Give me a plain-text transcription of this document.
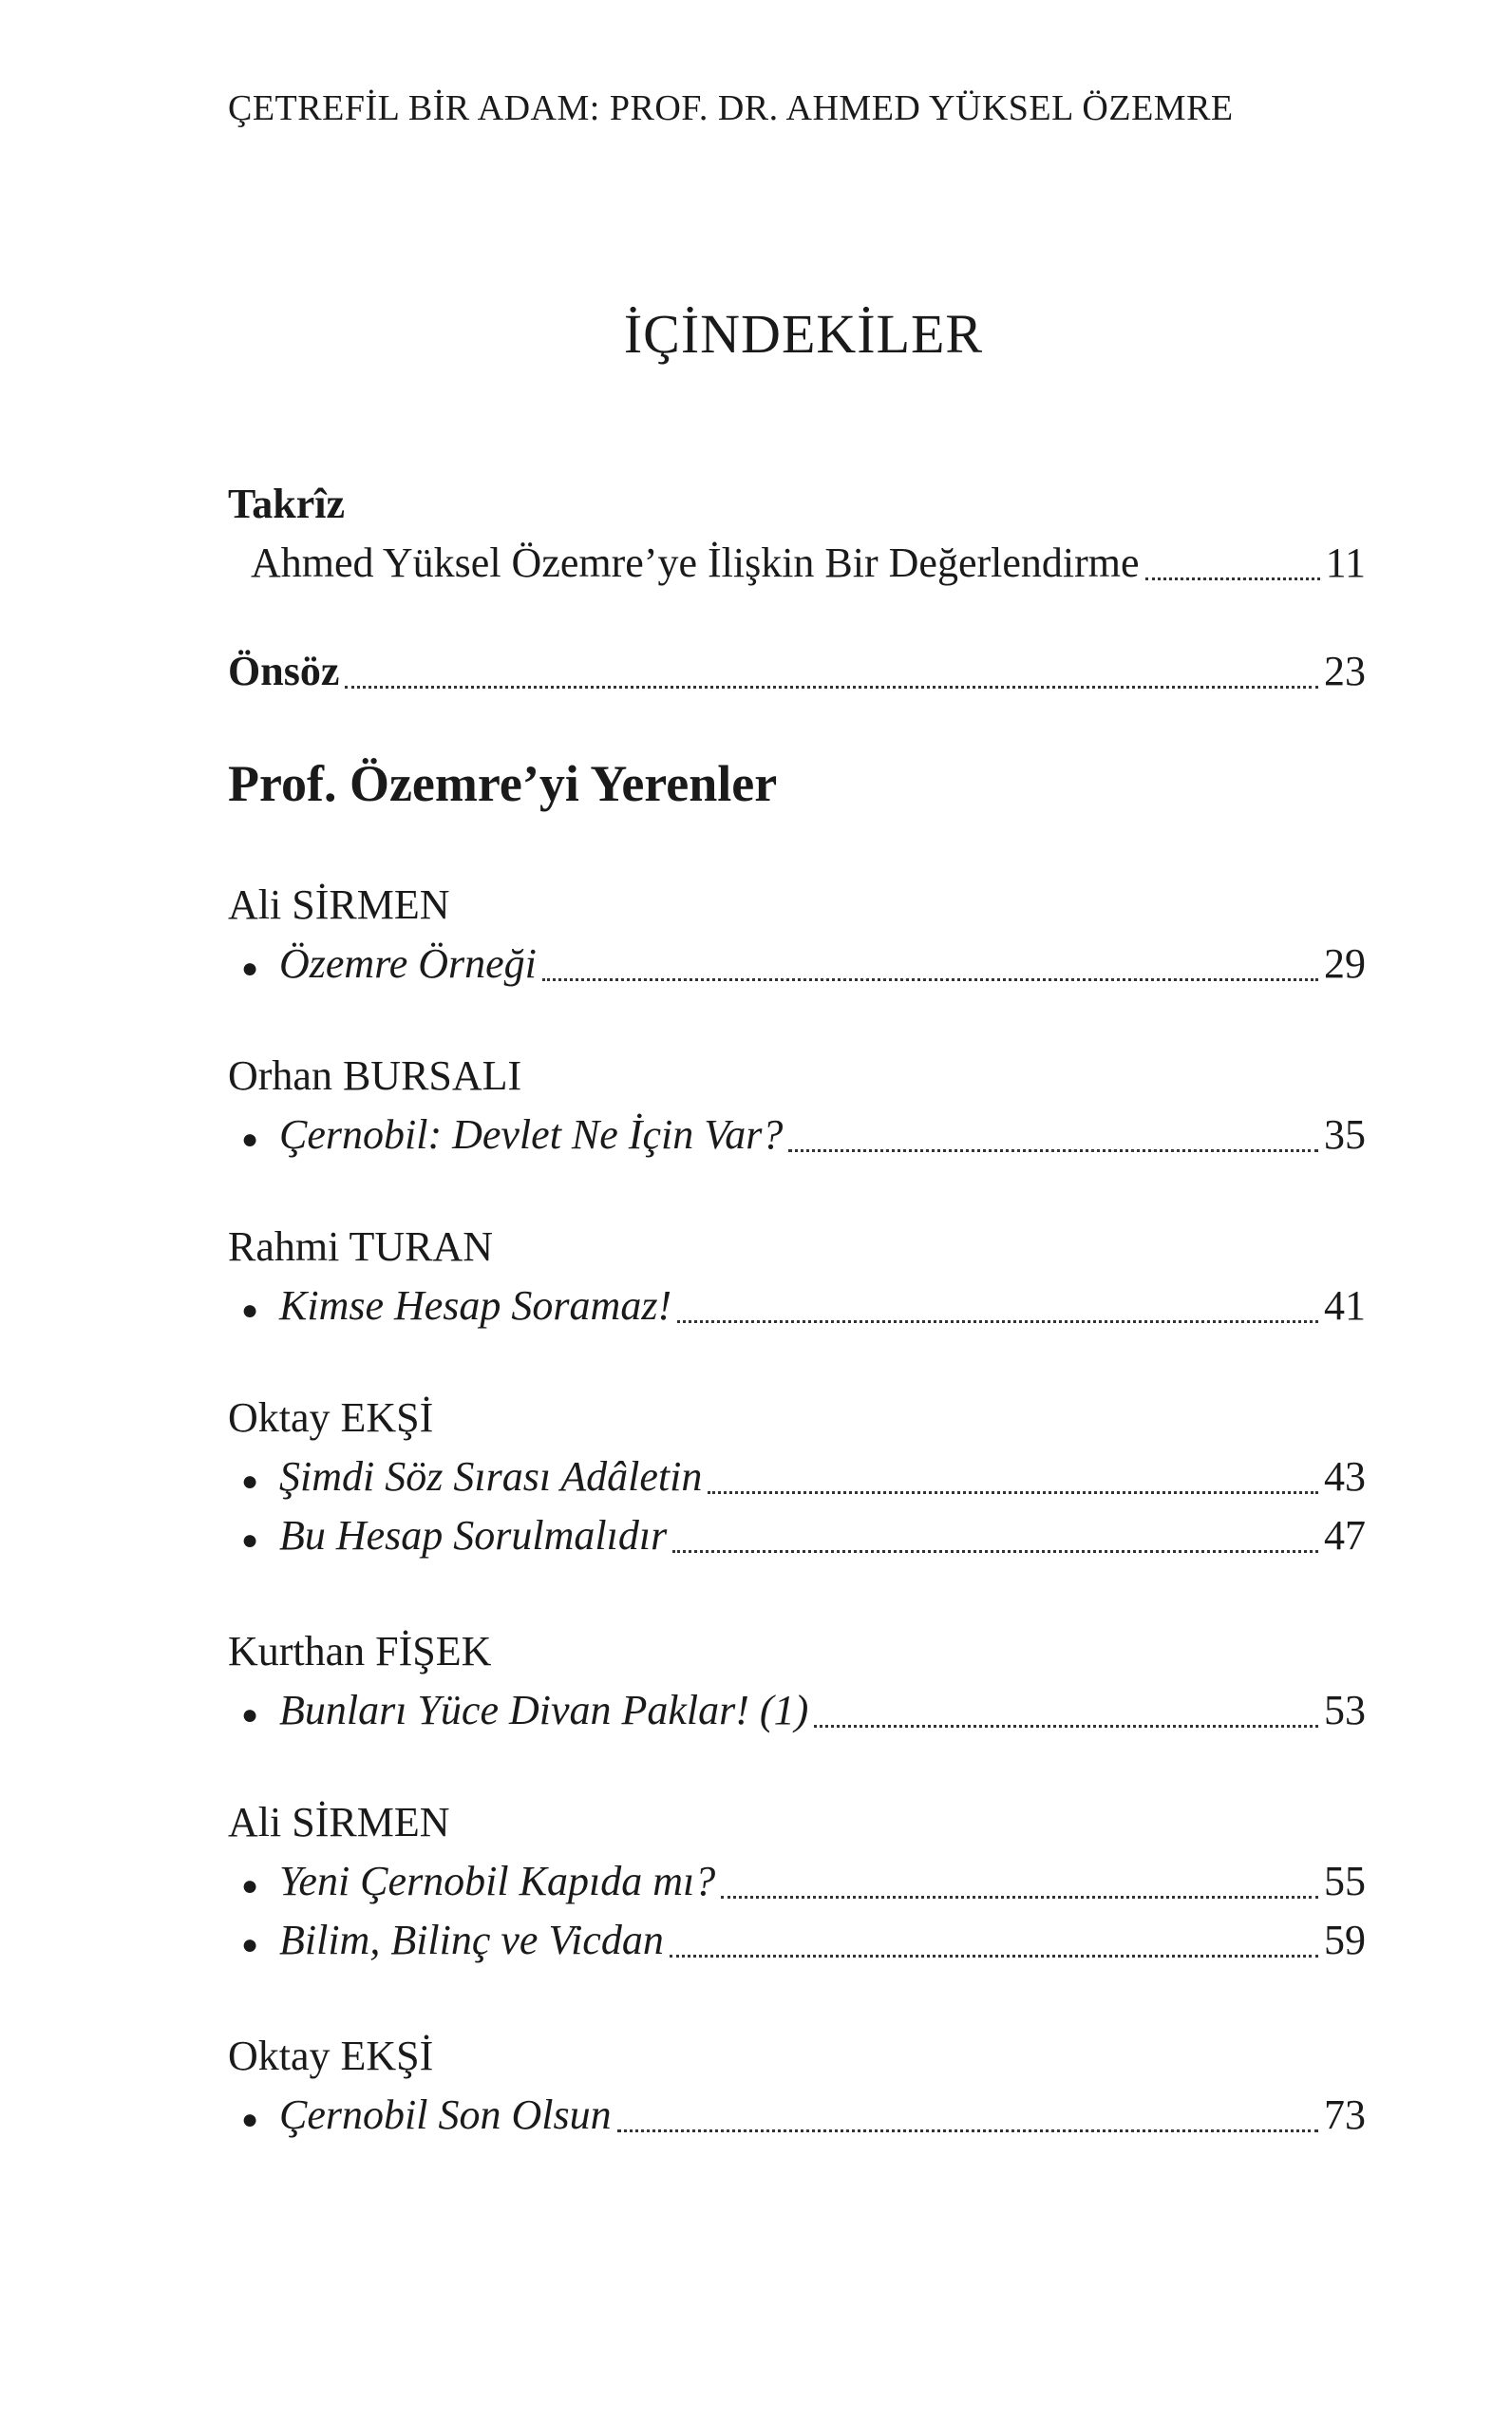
ÇETREFİL BİR ADAM: PROF. DR. AHMED YÜKSEL ÖZEMRE
İÇİNDEKİLER
Takrîz
Ahmed Yüksel Özemre’ye İlişkin Bir Değerlendirme	11
Önsöz	23
Prof. Özemre’yi Yerenler
Ali SİRMEN
● Özemre Örneği	29
Orhan BURSALI
● Çernobil: Devlet Ne İçin Var?	35
Rahmi TURAN
● Kimse Hesap Soramaz!	41
Oktay EKŞİ
● Şimdi Söz Sırası Adâletin	43
● Bu Hesap Sorulmalıdır	47
Kurthan FİŞEK
● Bunları Yüce Divan Paklar! (1)	53
Ali SİRMEN
● Yeni Çernobil Kapıda mı?	55
● Bilim, Bilinç ve Vicdan	59
Oktay EKŞİ
● Çernobil Son Olsun	73
